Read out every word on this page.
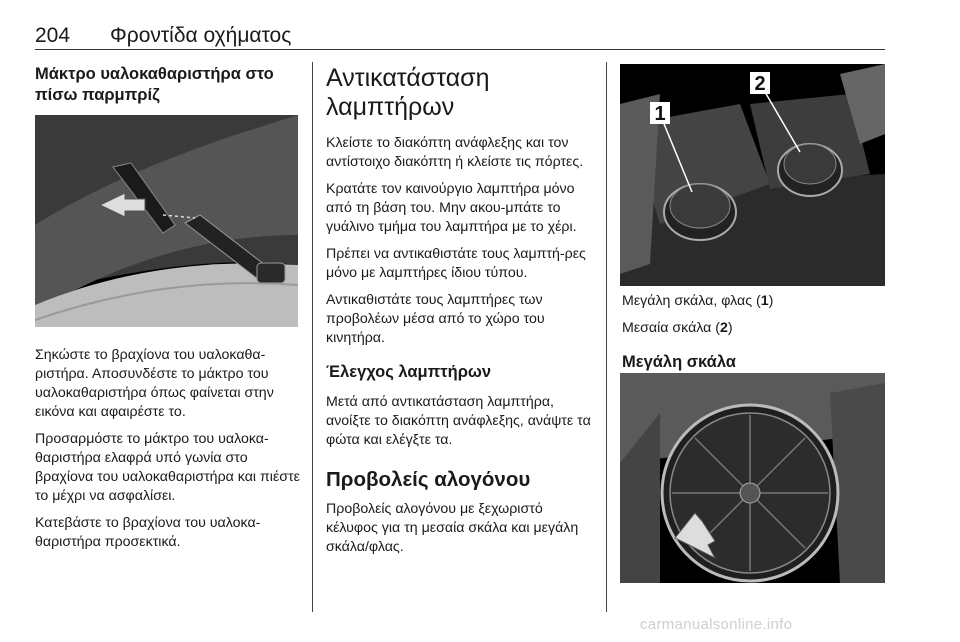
204 Φροντίδα οχήματος
Μάκτρο υαλοκαθαριστήρα στο πίσω παρμπρίζ

Σηκώστε το βραχίονα του υαλοκαθα-ριστήρα. Αποσυνδέστε το μάκτρο του υαλοκαθαριστήρα όπως φαίνεται στην εικόνα και αφαιρέστε το.

Προσαρμόστε το μάκτρο του υαλοκα-θαριστήρα ελαφρά υπό γωνία στο βραχίονα του υαλοκαθαριστήρα και πιέστε το μέχρι να ασφαλίσει.

Κατεβάστε το βραχίονα του υαλοκα-θαριστήρα προσεκτικά.

Αντικατάσταση λαμπτήρων

Κλείστε το διακόπτη ανάφλεξης και τον αντίστοιχο διακόπτη ή κλείστε τις πόρτες.

Κρατάτε τον καινούργιο λαμπτήρα μόνο από τη βάση του. Μην ακου-μπάτε το γυάλινο τμήμα του λαμπτήρα με το χέρι.

Πρέπει να αντικαθιστάτε τους λαμπτή-ρες μόνο με λαμπτήρες ίδιου τύπου.

Αντικαθιστάτε τους λαμπτήρες των προβολέων μέσα από το χώρο του κινητήρα.

Έλεγχος λαμπτήρων

Μετά από αντικατάσταση λαμπτήρα, ανοίξτε το διακόπτη ανάφλεξης, ανάψτε τα φώτα και ελέγξτε τα.

Προβολείς αλογόνου

Προβολείς αλογόνου με ξεχωριστό κέλυφος για τη μεσαία σκάλα και μεγάλη σκάλα/φλας.

1
2

Μεγάλη σκάλα, φλας (1)

Μεσαία σκάλα (2)

Μεγάλη σκάλα
carmanualsonline.info
